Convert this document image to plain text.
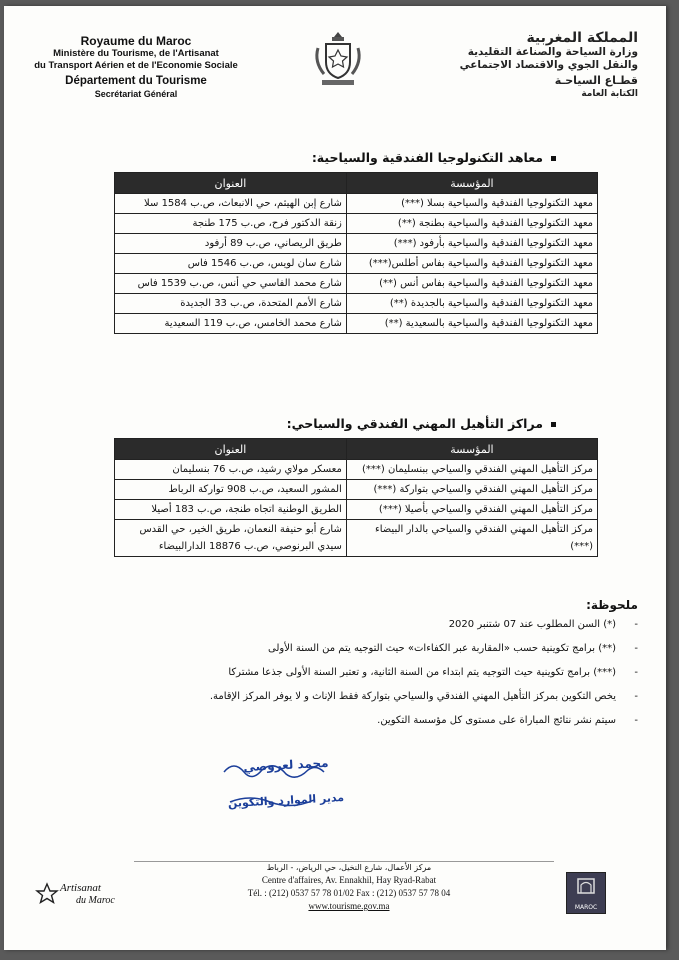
Royaume du Maroc
Ministère du Tourisme, de l'Artisanat
du Transport Aérien et de l'Economie Sociale
Département du Tourisme
Secrétariat Général
المملكة المغربية
وزارة السياحة والصناعة التقليدية
والنقل الجوي والاقتصاد الاجتماعي
قطـاع السياحـة
الكتابة العامة
معاهد التكنولوجيا الفندقية والسياحية:
المؤسسة	العنوان
معهد التكنولوجيا الفندقية والسياحية بسلا (***)	شارع إبن الهيثم، حي الانبعاث، ص.ب 1584 سلا
معهد التكنولوجيا الفندقية والسياحية بطنجة (**)	زنقة الدكتور فرح، ص.ب 175 طنجة
معهد التكنولوجيا الفندقية والسياحية بأرفود (***)	طريق الريصاني، ص.ب 89 أرفود
معهد التكنولوجيا الفندقية والسياحية بفاس أطلس(***)	شارع سان لويس، ص.ب 1546 فاس
معهد التكنولوجيا الفندقية والسياحية بفاس أنس (**)	شارع محمد الفاسي حي أنس، ص.ب 1539 فاس
معهد التكنولوجيا الفندقية والسياحية بالجديدة (**)	شارع الأمم المتحدة، ص.ب 33 الجديدة
معهد التكنولوجيا الفندقية والسياحية بالسعيدية (**)	شارع محمد الخامس، ص.ب 119 السعيدية
مراكز التأهيل المهني الفندقي والسياحي:
المؤسسة	العنوان
مركز التأهيل المهني الفندقي والسياحي ببنسليمان (***)	معسكر مولاي رشيد، ص.ب 76 بنسليمان
مركز التأهيل المهني الفندقي والسياحي بتواركة (***)	المشور السعيد، ص.ب 908 تواركة الرباط
مركز التأهيل المهني الفندقي والسياحي بأصيلا (***)	الطريق الوطنية اتجاه طنجة، ص.ب 183 أصيلا
مركز التأهيل المهني الفندقي والسياحي بالدار البيضاء (***)	شارع أبو حنيفة النعمان، طريق الخير، حي القدس سيدي البرنوصي، ص.ب 18876 الدارالبيضاء
ملحوظة:
- (*) السن المطلوب عند 07 شتنبر 2020
- (**) برامج تكوينية حسب «المقاربة عبر الكفاءات» حيث التوجيه يتم من السنة الأولى
- (***) برامج تكوينية حيث التوجيه يتم ابتداء من السنة الثانية، و تعتبر السنة الأولى جذعا مشتركا
- يخص التكوين بمركز التأهيل المهني الفندقي والسياحي بتواركة فقط الإناث و لا يوفر المركز الإقامة.
- سيتم نشر نتائج المباراة على مستوى كل مؤسسة التكوين.
محمد لعروصي
مدير الموارد والتكوين
مركز الأعمال، شارع النخيل، حي الرياض، - الرباط
Centre d'affaires, Av. Ennakhil, Hay Ryad-Rabat
Tél. : (212) 0537 57 78 01/02 Fax : (212) 0537 57 78 04
www.tourisme.gov.ma
Artisanat
du Maroc
MAROC
